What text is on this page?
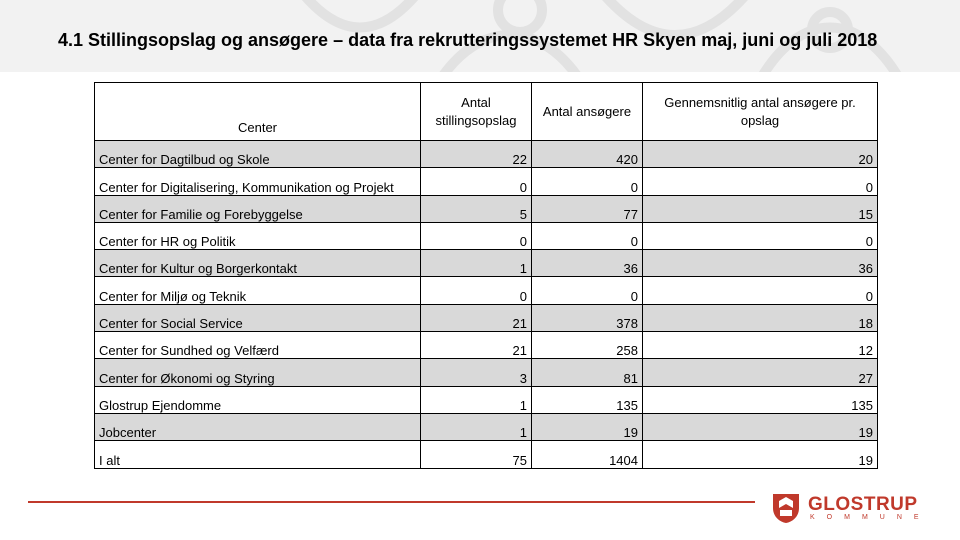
4.1 Stillingsopslag og ansøgere – data fra rekrutteringssystemet HR Skyen maj, juni og juli 2018
Center	Antal stillingsopslag	Antal ansøgere	Gennemsnitlig antal ansøgere pr. opslag
Center for Dagtilbud og Skole	22	420	20
Center for Digitalisering, Kommunikation og Projekt	0	0	0
Center for Familie og Forebyggelse	5	77	15
Center for HR og Politik	0	0	0
Center for Kultur og Borgerkontakt	1	36	36
Center for Miljø og Teknik	0	0	0
Center for Social Service	21	378	18
Center for Sundhed og Velfærd	21	258	12
Center for Økonomi og Styring	3	81	27
Glostrup Ejendomme	1	135	135
Jobcenter	1	19	19
I alt	75	1404	19
GLOSTRUP
KOMMUNE
